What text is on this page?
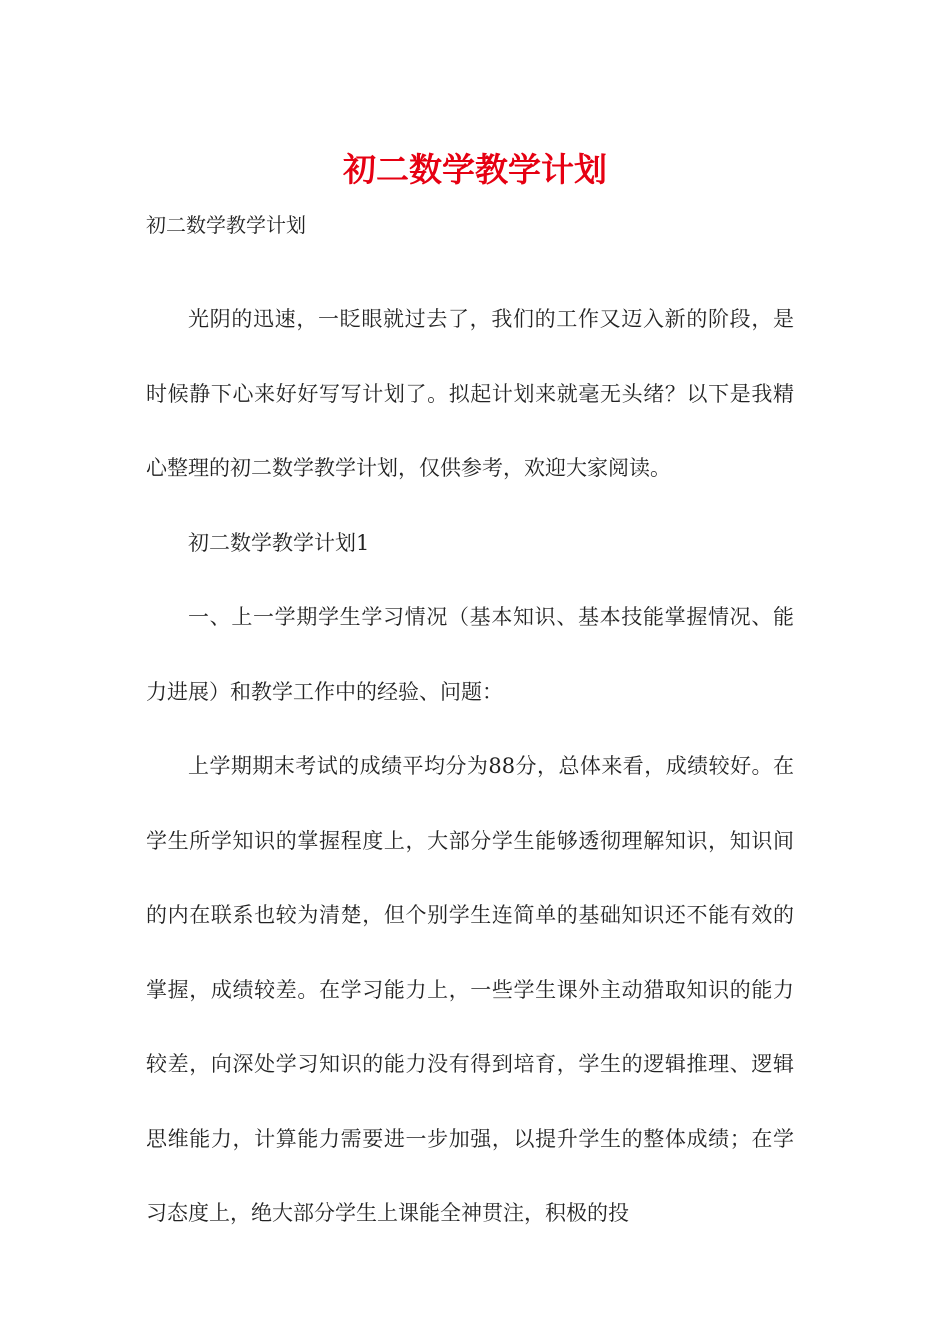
初二数学教学计划

初二数学教学计划

光阴的迅速，一眨眼就过去了，我们的工作又迈入新的阶段，是时候静下心来好好写写计划了。拟起计划来就毫无头绪？以下是我精心整理的初二数学教学计划，仅供参考，欢迎大家阅读。

初二数学教学计划1

一、上一学期学生学习情况（基本知识、基本技能掌握情况、能力进展）和教学工作中的经验、问题：

上学期期末考试的成绩平均分为88分，总体来看，成绩较好。在学生所学知识的掌握程度上，大部分学生能够透彻理解知识，知识间的内在联系也较为清楚，但个别学生连简单的基础知识还不能有效的掌握，成绩较差。在学习能力上，一些学生课外主动猎取知识的能力较差，向深处学习知识的能力没有得到培育，学生的逻辑推理、逻辑思维能力，计算能力需要进一步加强，以提升学生的整体成绩；在学习态度上，绝大部分学生上课能全神贯注，积极的投
